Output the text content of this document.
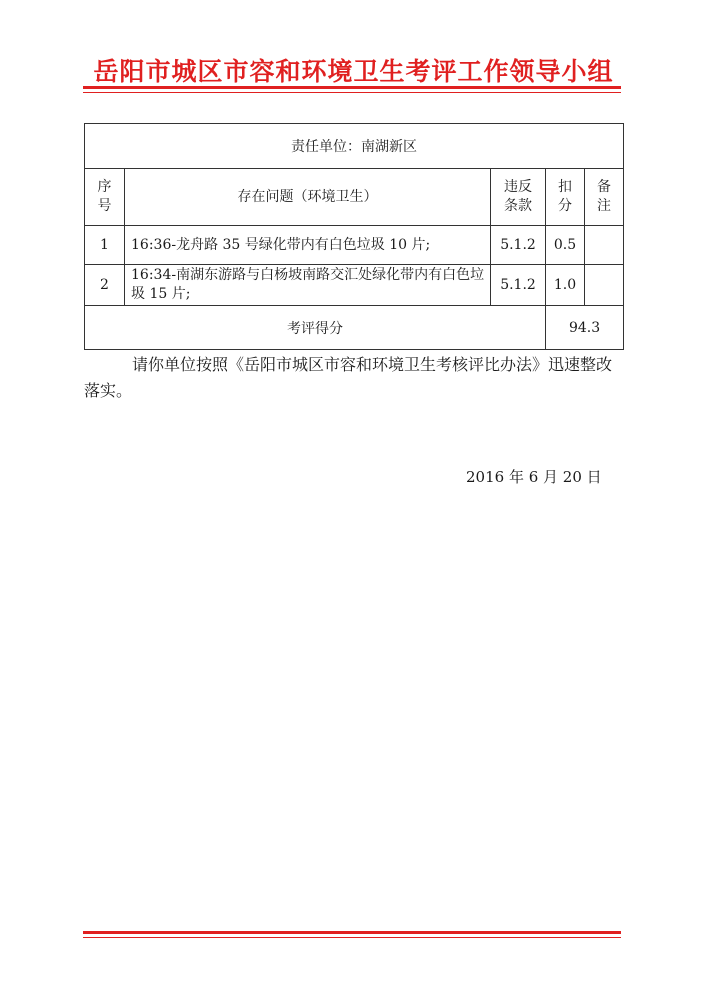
岳阳市城区市容和环境卫生考评工作领导小组
责任单位：南湖新区				
序号	存在问题（环境卫生）	违反条款	扣分	备注
1	16:36-龙舟路 35 号绿化带内有白色垃圾 10 片;	5.1.2	0.5	
2	16:34-南湖东游路与白杨坡南路交汇处绿化带内有白色垃圾 15 片;	5.1.2	1.0	
考评得分			94.3	
请你单位按照《岳阳市城区市容和环境卫生考核评比办法》迅速整改落实。
2016 年 6 月 20 日
